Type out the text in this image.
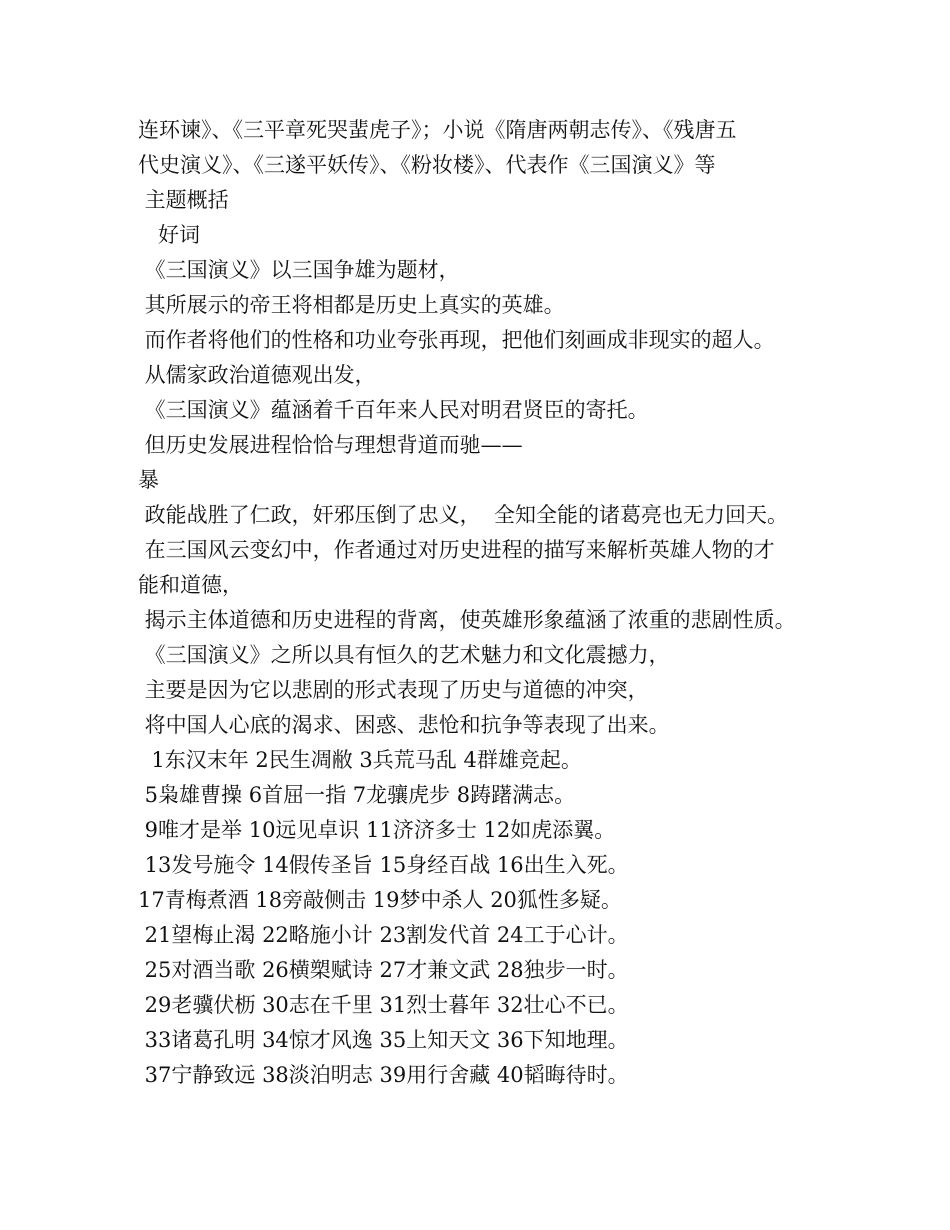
连环谏》、《三平章死哭蜚虎子》；小说《隋唐两朝志传》、《残唐五
代史演义》、《三遂平妖传》、《粉妆楼》、代表作《三国演义》等
主题概括
好词
《三国演义》以三国争雄为题材，
其所展示的帝王将相都是历史上真实的英雄。
而作者将他们的性格和功业夸张再现，把他们刻画成非现实的超人。
从儒家政治道德观出发，
《三国演义》蕴涵着千百年来人民对明君贤臣的寄托。
但历史发展进程恰恰与理想背道而驰——
暴
政能战胜了仁政，奸邪压倒了忠义，  全知全能的诸葛亮也无力回天。
在三国风云变幻中，作者通过对历史进程的描写来解析英雄人物的才
能和道德，
揭示主体道德和历史进程的背离，使英雄形象蕴涵了浓重的悲剧性质。
《三国演义》之所以具有恒久的艺术魅力和文化震撼力，
主要是因为它以悲剧的形式表现了历史与道德的冲突，
将中国人心底的渴求、困惑、悲怆和抗争等表现了出来。
1东汉末年 2民生凋敝 3兵荒马乱 4群雄竞起。
5枭雄曹操 6首屈一指 7龙骧虎步 8踌躇满志。
9唯才是举 10远见卓识 11济济多士 12如虎添翼。
13发号施令 14假传圣旨 15身经百战 16出生入死。
17青梅煮酒 18旁敲侧击 19梦中杀人 20狐性多疑。
21望梅止渴 22略施小计 23割发代首 24工于心计。
25对酒当歌 26横槊赋诗 27才兼文武 28独步一时。
29老骥伏枥 30志在千里 31烈士暮年 32壮心不已。
33诸葛孔明 34惊才风逸 35上知天文 36下知地理。
37宁静致远 38淡泊明志 39用行舍藏 40韬晦待时。
